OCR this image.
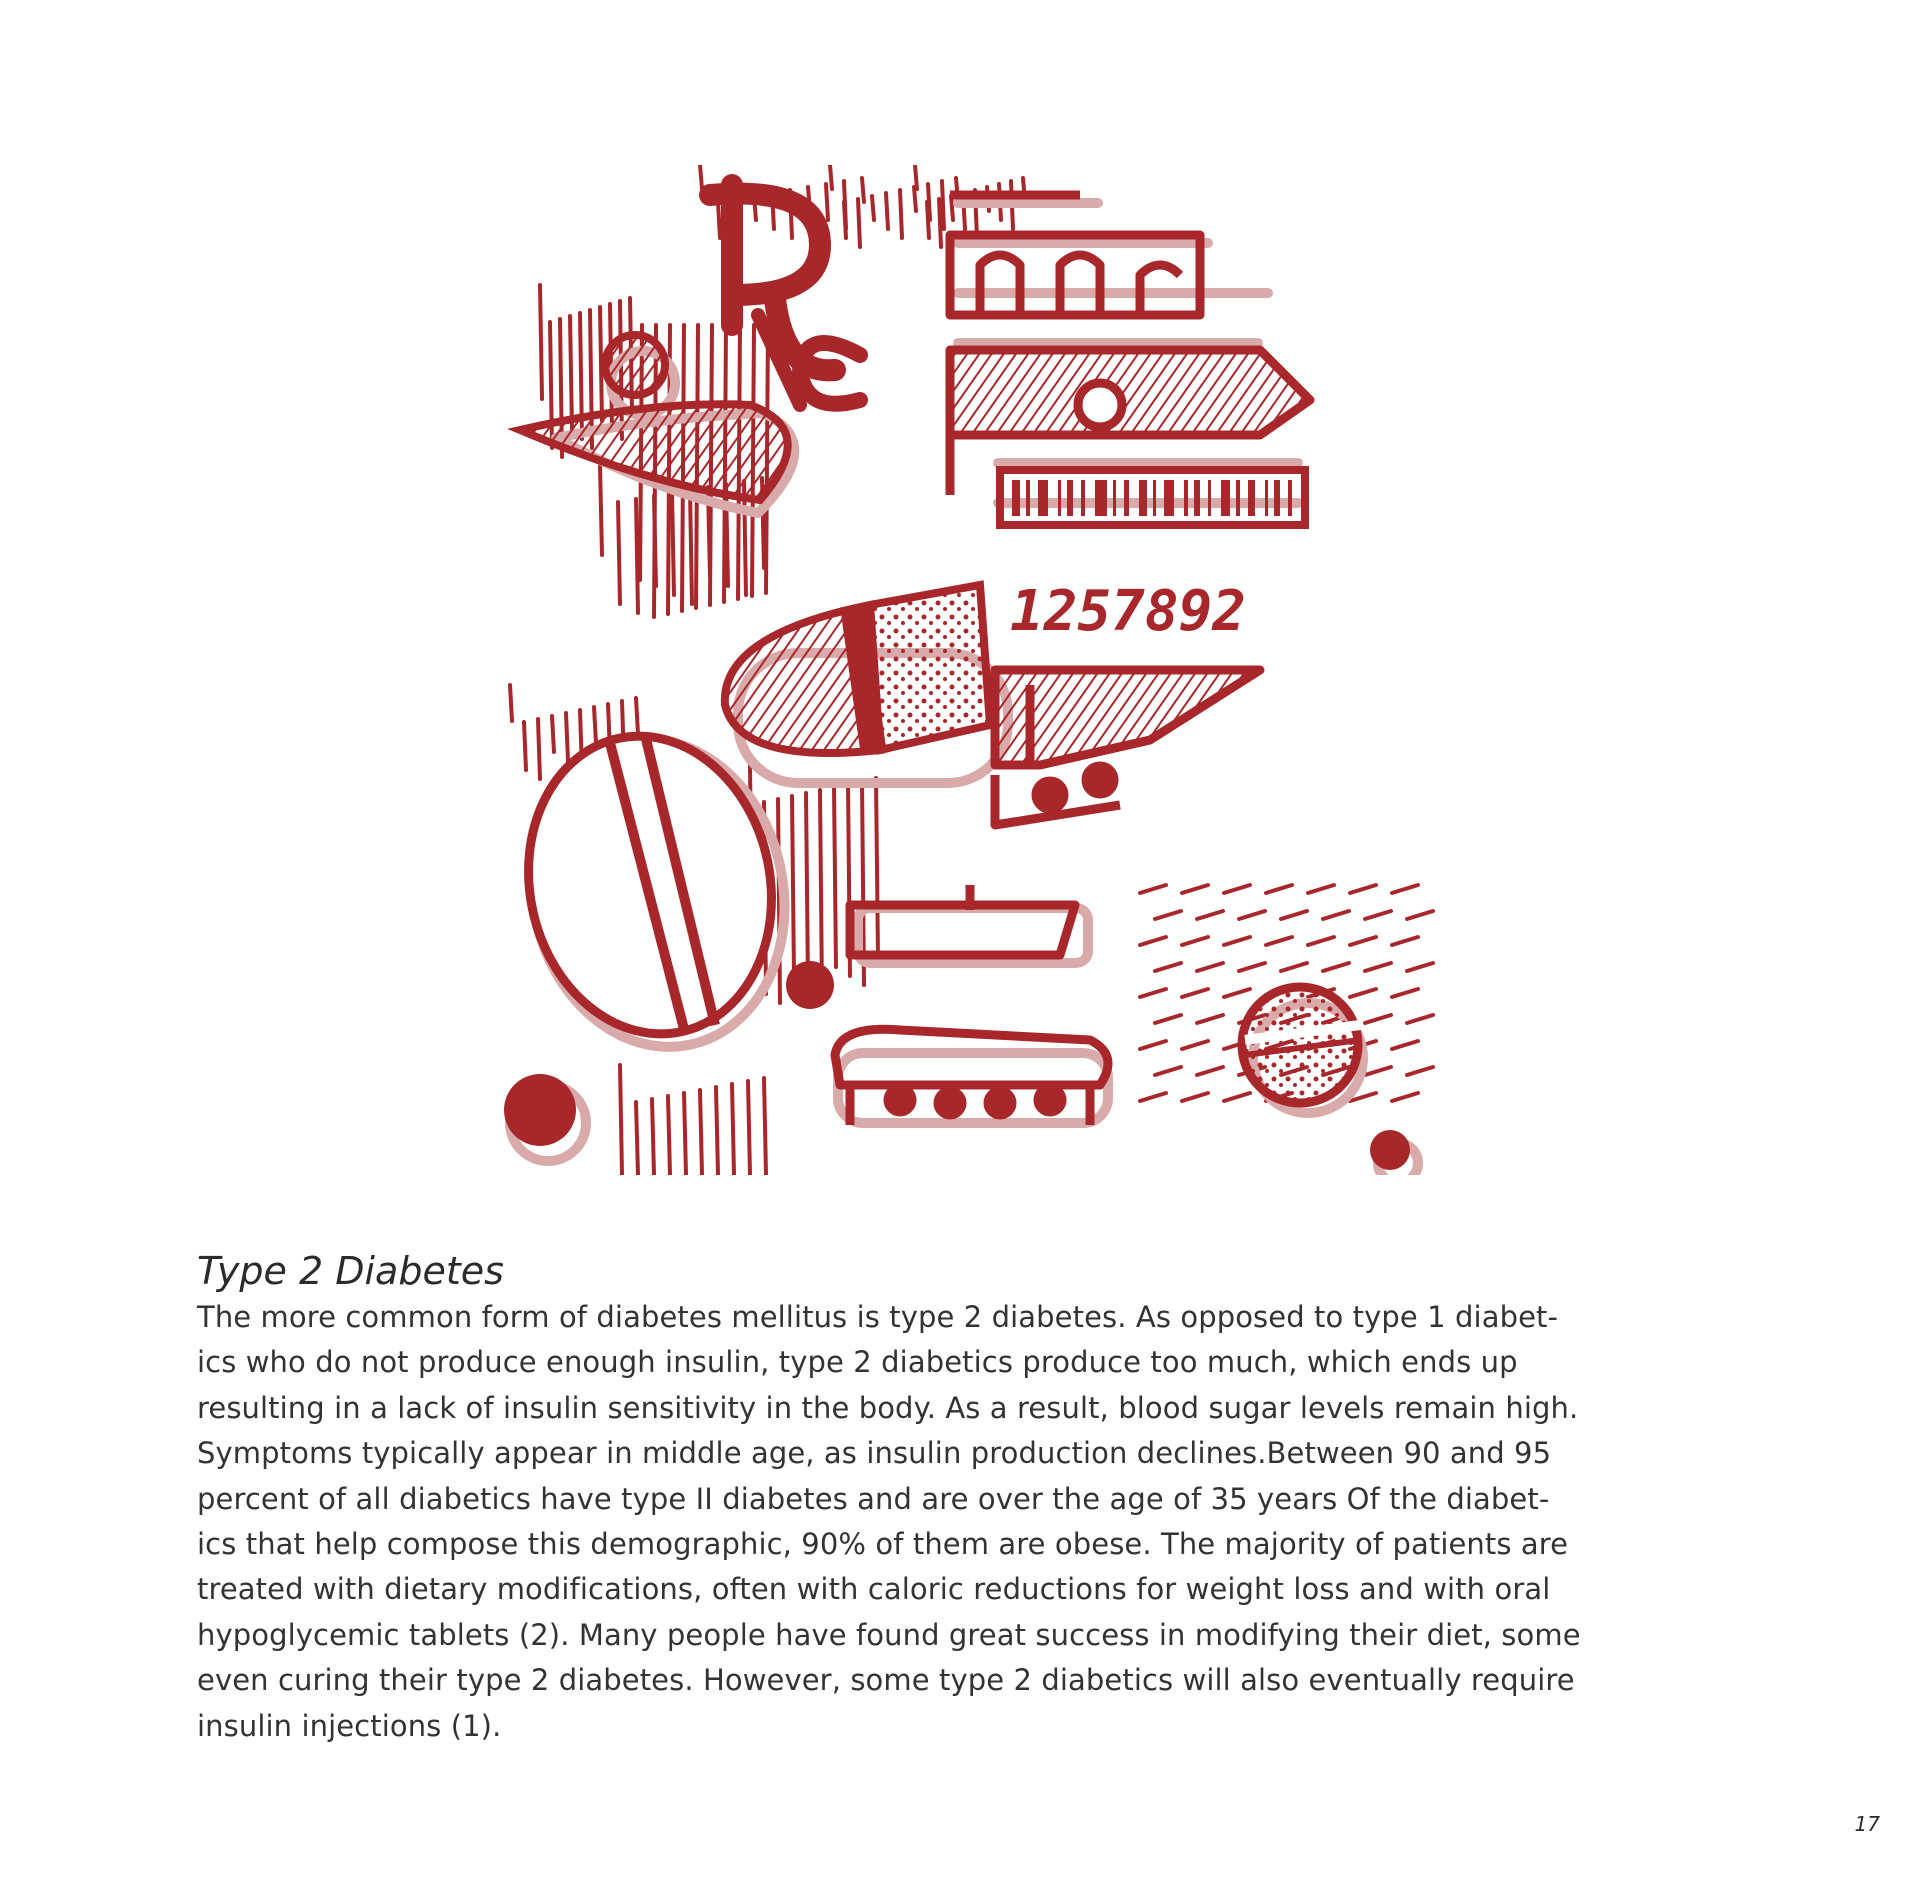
1257892
Type 2 Diabetes

The more common form of diabetes mellitus is type 2 diabetes. As opposed to type 1 diabet-
ics who do not produce enough insulin, type 2 diabetics produce too much, which ends up
resulting in a lack of insulin sensitivity in the body. As a result, blood sugar levels remain high.
Symptoms typically appear in middle age, as insulin production declines.Between 90 and 95
percent of all diabetics have type II diabetes and are over the age of 35 years Of the diabet-
ics that help compose this demographic, 90% of them are obese. The majority of patients are
treated with dietary modifications, often with caloric reductions for weight loss and with oral
hypoglycemic tablets (2). Many people have found great success in modifying their diet, some
even curing their type 2 diabetes. However, some type 2 diabetics will also eventually require
insulin injections (1).

17
